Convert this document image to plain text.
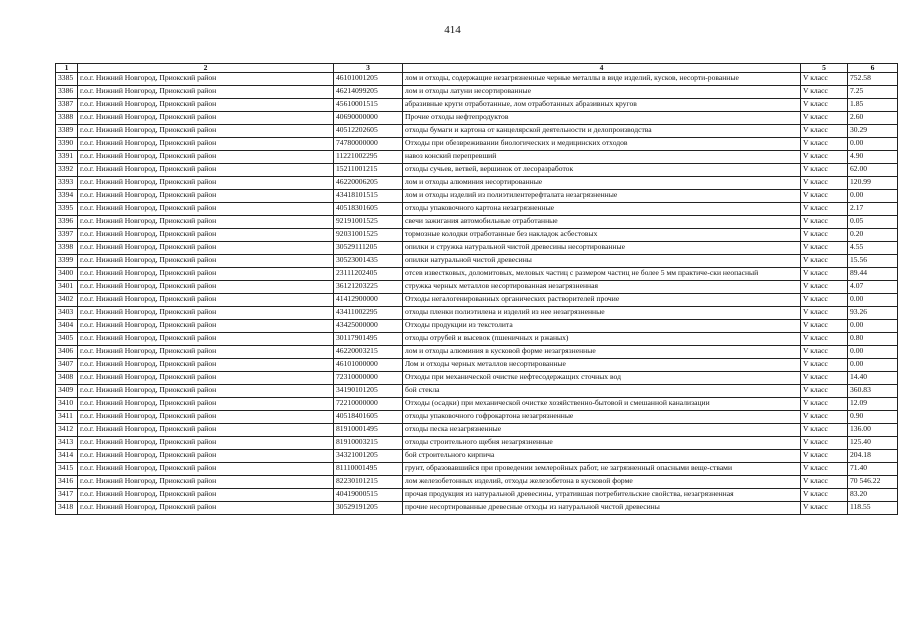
414
1	2	3	4	5	6
3385	г.о.г. Нижний Новгород, Приокский район	46101001205	лом и отходы, содержащие незагрязненные черные металлы в виде изделий, кусков, несорти-рованные	V класс	752.58
3386	г.о.г. Нижний Новгород, Приокский район	46214099205	лом и отходы латуни несортированные	V класс	7.25
3387	г.о.г. Нижний Новгород, Приокский район	45610001515	абразивные круги отработанные, лом отработанных абразивных кругов	V класс	1.85
3388	г.о.г. Нижний Новгород, Приокский район	40690000000	Прочие отходы нефтепродуктов	V класс	2.60
3389	г.о.г. Нижний Новгород, Приокский район	40512202605	отходы бумаги и картона от канцелярской деятельности и делопроизводства	V класс	30.29
3390	г.о.г. Нижний Новгород, Приокский район	74780000000	Отходы при обезвреживании биологических и медицинских отходов	V класс	0.00
3391	г.о.г. Нижний Новгород, Приокский район	11221002295	навоз конский перепревший	V класс	4.90
3392	г.о.г. Нижний Новгород, Приокский район	15211001215	отходы сучьев, ветвей, вершинок от лесоразработок	V класс	62.00
3393	г.о.г. Нижний Новгород, Приокский район	46220006205	лом и отходы алюминия несортированные	V класс	120.99
3394	г.о.г. Нижний Новгород, Приокский район	43418101515	лом и отходы изделий из полиэтилентерефталата незагрязненные	V класс	0.00
3395	г.о.г. Нижний Новгород, Приокский район	40518301605	отходы упаковочного картона незагрязненные	V класс	2.17
3396	г.о.г. Нижний Новгород, Приокский район	92191001525	свечи зажигания автомобильные отработанные	V класс	0.05
3397	г.о.г. Нижний Новгород, Приокский район	92031001525	тормозные колодки отработанные без накладок асбестовых	V класс	0.20
3398	г.о.г. Нижний Новгород, Приокский район	30529111205	опилки и стружка натуральной чистой древесины несортированные	V класс	4.55
3399	г.о.г. Нижний Новгород, Приокский район	30523001435	опилки натуральной чистой древесины	V класс	15.56
3400	г.о.г. Нижний Новгород, Приокский район	23111202405	отсев известковых, доломитовых, меловых частиц с размером частиц не более 5 мм практиче-ски неопасный	V класс	89.44
3401	г.о.г. Нижний Новгород, Приокский район	36121203225	стружка черных металлов несортированная незагрязненная	V класс	4.07
3402	г.о.г. Нижний Новгород, Приокский район	41412900000	Отходы негалогенированных органических растворителей прочие	V класс	0.00
3403	г.о.г. Нижний Новгород, Приокский район	43411002295	отходы пленки полиэтилена и изделий из нее незагрязненные	V класс	93.26
3404	г.о.г. Нижний Новгород, Приокский район	43425000000	Отходы продукции из текстолита	V класс	0.00
3405	г.о.г. Нижний Новгород, Приокский район	30117901495	отходы отрубей и высевок (пшеничных и ржаных)	V класс	0.80
3406	г.о.г. Нижний Новгород, Приокский район	46220003215	лом и отходы алюминия в кусковой форме незагрязненные	V класс	0.00
3407	г.о.г. Нижний Новгород, Приокский район	46101000000	Лом и отходы черных металлов несортированные	V класс	0.00
3408	г.о.г. Нижний Новгород, Приокский район	72310000000	Отходы при механической очистке нефтесодержащих сточных вод	V класс	14.40
3409	г.о.г. Нижний Новгород, Приокский район	34190101205	бой стекла	V класс	360.83
3410	г.о.г. Нижний Новгород, Приокский район	72210000000	Отходы (осадки) при механической очистке хозяйственно-бытовой и смешанной канализации	V класс	12.09
3411	г.о.г. Нижний Новгород, Приокский район	40518401605	отходы упаковочного гофрокартона незагрязненные	V класс	0.90
3412	г.о.г. Нижний Новгород, Приокский район	81910001495	отходы песка незагрязненные	V класс	136.00
3413	г.о.г. Нижний Новгород, Приокский район	81910003215	отходы строительного щебня незагрязненные	V класс	125.40
3414	г.о.г. Нижний Новгород, Приокский район	34321001205	бой строительного кирпича	V класс	204.18
3415	г.о.г. Нижний Новгород, Приокский район	81110001495	грунт, образовавшийся при проведении землеройных работ, не загрязненный опасными веще-ствами	V класс	71.40
3416	г.о.г. Нижний Новгород, Приокский район	82230101215	лом железобетонных изделий, отходы железобетона в кусковой форме	V класс	70 546.22
3417	г.о.г. Нижний Новгород, Приокский район	40419000515	прочая продукция из натуральной древесины, утратившая потребительские свойства, незагрязненная	V класс	83.20
3418	г.о.г. Нижний Новгород, Приокский район	30529191205	прочие несортированные древесные отходы из натуральной чистой древесины	V класс	118.55
